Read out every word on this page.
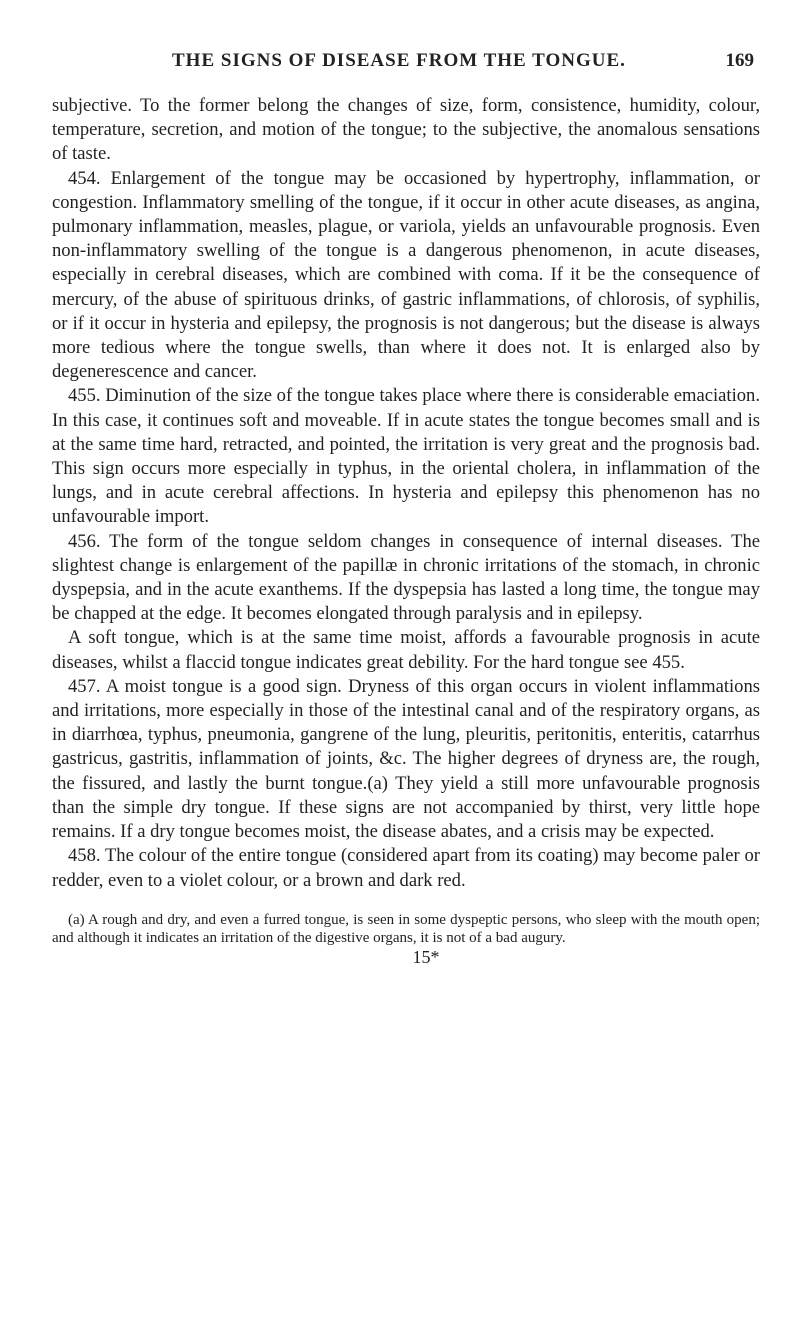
THE SIGNS OF DISEASE FROM THE TONGUE.	169

subjective. To the former belong the changes of size, form, consistence, humidity, colour, temperature, secretion, and motion of the tongue; to the subjective, the anomalous sensations of taste.

454. Enlargement of the tongue may be occasioned by hypertrophy, inflammation, or congestion. Inflammatory smelling of the tongue, if it occur in other acute diseases, as angina, pulmonary inflammation, measles, plague, or variola, yields an unfavourable prognosis. Even non-inflammatory swelling of the tongue is a dangerous phenomenon, in acute diseases, especially in cerebral diseases, which are combined with coma. If it be the consequence of mercury, of the abuse of spirituous drinks, of gastric inflammations, of chlorosis, of syphilis, or if it occur in hysteria and epilepsy, the prognosis is not dangerous; but the disease is always more tedious where the tongue swells, than where it does not. It is enlarged also by degenerescence and cancer.

455. Diminution of the size of the tongue takes place where there is considerable emaciation. In this case, it continues soft and moveable. If in acute states the tongue becomes small and is at the same time hard, retracted, and pointed, the irritation is very great and the prognosis bad. This sign occurs more especially in typhus, in the oriental cholera, in inflammation of the lungs, and in acute cerebral affections. In hysteria and epilepsy this phenomenon has no unfavourable import.

456. The form of the tongue seldom changes in consequence of internal diseases. The slightest change is enlargement of the papillæ in chronic irritations of the stomach, in chronic dyspepsia, and in the acute exanthems. If the dyspepsia has lasted a long time, the tongue may be chapped at the edge. It becomes elongated through paralysis and in epilepsy.

A soft tongue, which is at the same time moist, affords a favourable prognosis in acute diseases, whilst a flaccid tongue indicates great debility. For the hard tongue see 455.

457. A moist tongue is a good sign. Dryness of this organ occurs in violent inflammations and irritations, more especially in those of the intestinal canal and of the respiratory organs, as in diarrhœa, typhus, pneumonia, gangrene of the lung, pleuritis, peritonitis, enteritis, catarrhus gastricus, gastritis, inflammation of joints, &c. The higher degrees of dryness are, the rough, the fissured, and lastly the burnt tongue.(a) They yield a still more unfavourable prognosis than the simple dry tongue. If these signs are not accompanied by thirst, very little hope remains. If a dry tongue becomes moist, the disease abates, and a crisis may be expected.

458. The colour of the entire tongue (considered apart from its coating) may become paler or redder, even to a violet colour, or a brown and dark red.

(a) A rough and dry, and even a furred tongue, is seen in some dyspeptic persons, who sleep with the mouth open; and although it indicates an irritation of the digestive organs, it is not of a bad augury.

15*
